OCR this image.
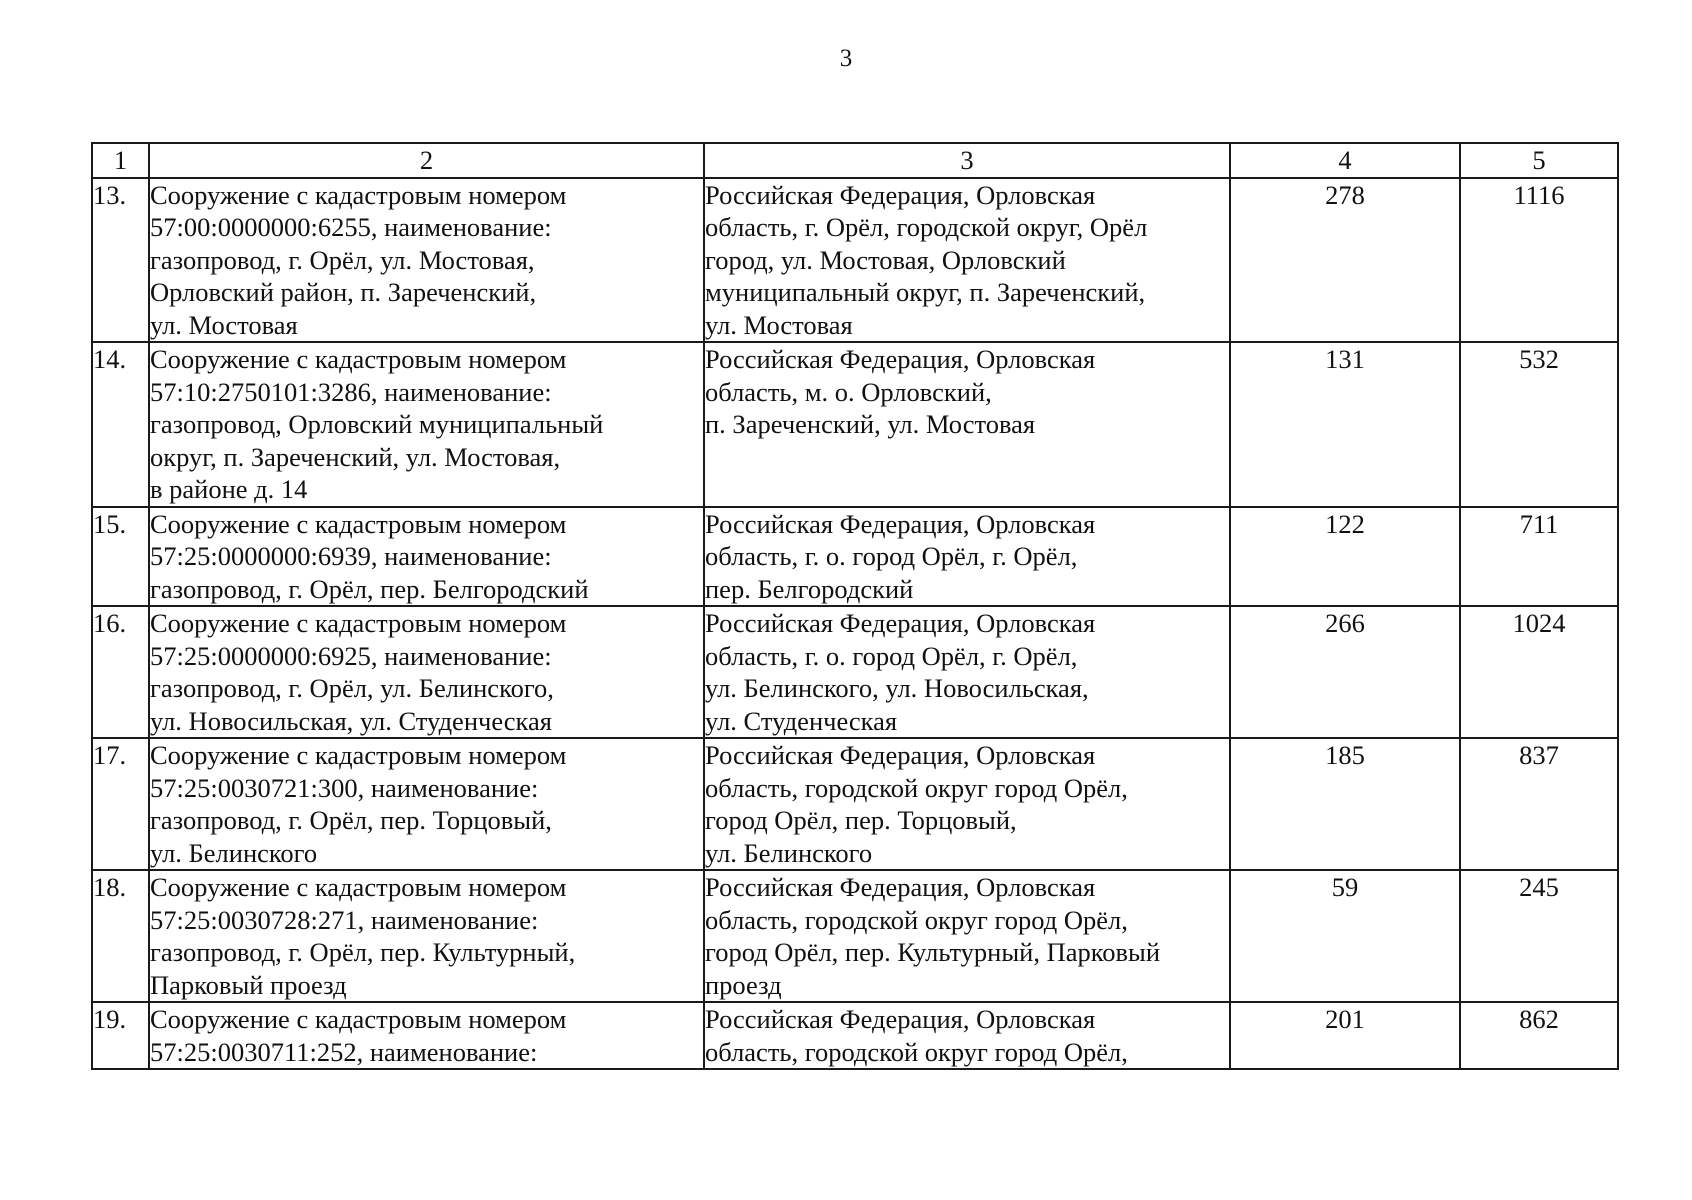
3
1	2	3	4	5
13.	Сооружение с кадастровым номером
57:00:0000000:6255, наименование:
газопровод, г. Орёл, ул. Мостовая,
Орловский район, п. Зареченский,
ул. Мостовая	Российская Федерация, Орловская
область, г. Орёл, городской округ, Орёл
город, ул. Мостовая, Орловский
муниципальный округ, п. Зареченский,
ул. Мостовая	278	1116
14.	Сооружение с кадастровым номером
57:10:2750101:3286, наименование:
газопровод, Орловский муниципальный
округ, п. Зареченский, ул. Мостовая,
в районе д. 14	Российская Федерация, Орловская
область, м. о. Орловский,
п. Зареченский, ул. Мостовая	131	532
15.	Сооружение с кадастровым номером
57:25:0000000:6939, наименование:
газопровод, г. Орёл, пер. Белгородский	Российская Федерация, Орловская
область, г. о. город Орёл, г. Орёл,
пер. Белгородский	122	711
16.	Сооружение с кадастровым номером
57:25:0000000:6925, наименование:
газопровод, г. Орёл, ул. Белинского,
ул. Новосильская, ул. Студенческая	Российская Федерация, Орловская
область, г. о. город Орёл, г. Орёл,
ул. Белинского, ул. Новосильская,
ул. Студенческая	266	1024
17.	Сооружение с кадастровым номером
57:25:0030721:300, наименование:
газопровод, г. Орёл, пер. Торцовый,
ул. Белинского	Российская Федерация, Орловская
область, городской округ город Орёл,
город Орёл, пер. Торцовый,
ул. Белинского	185	837
18.	Сооружение с кадастровым номером
57:25:0030728:271, наименование:
газопровод, г. Орёл, пер. Культурный,
Парковый проезд	Российская Федерация, Орловская
область, городской округ город Орёл,
город Орёл, пер. Культурный, Парковый
проезд	59	245
19.	Сооружение с кадастровым номером
57:25:0030711:252, наименование:	Российская Федерация, Орловская
область, городской округ город Орёл,	201	862
